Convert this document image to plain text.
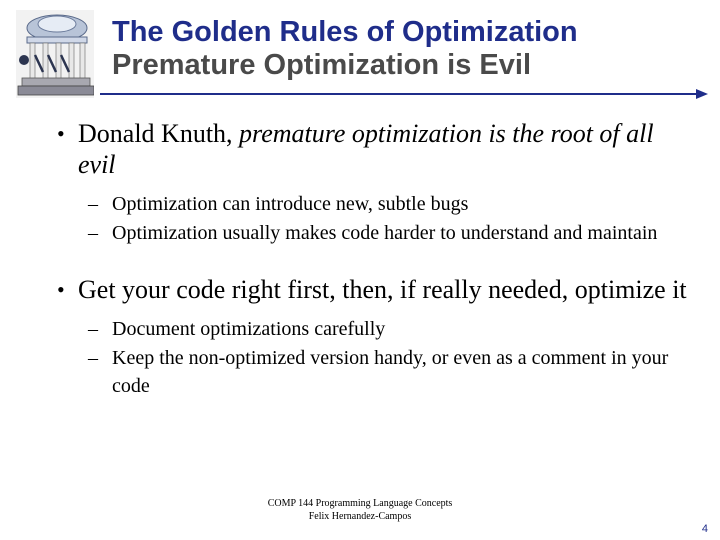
The Golden Rules of Optimization
Premature Optimization is Evil
• Donald Knuth, premature optimization is the root of all evil
– Optimization can introduce new, subtle bugs
– Optimization usually makes code harder to understand and maintain
• Get your code right first, then, if really needed, optimize it
– Document optimizations carefully
– Keep the non-optimized version handy, or even as a comment in your code
COMP 144 Programming Language Concepts
Felix Hernandez-Campos
4
